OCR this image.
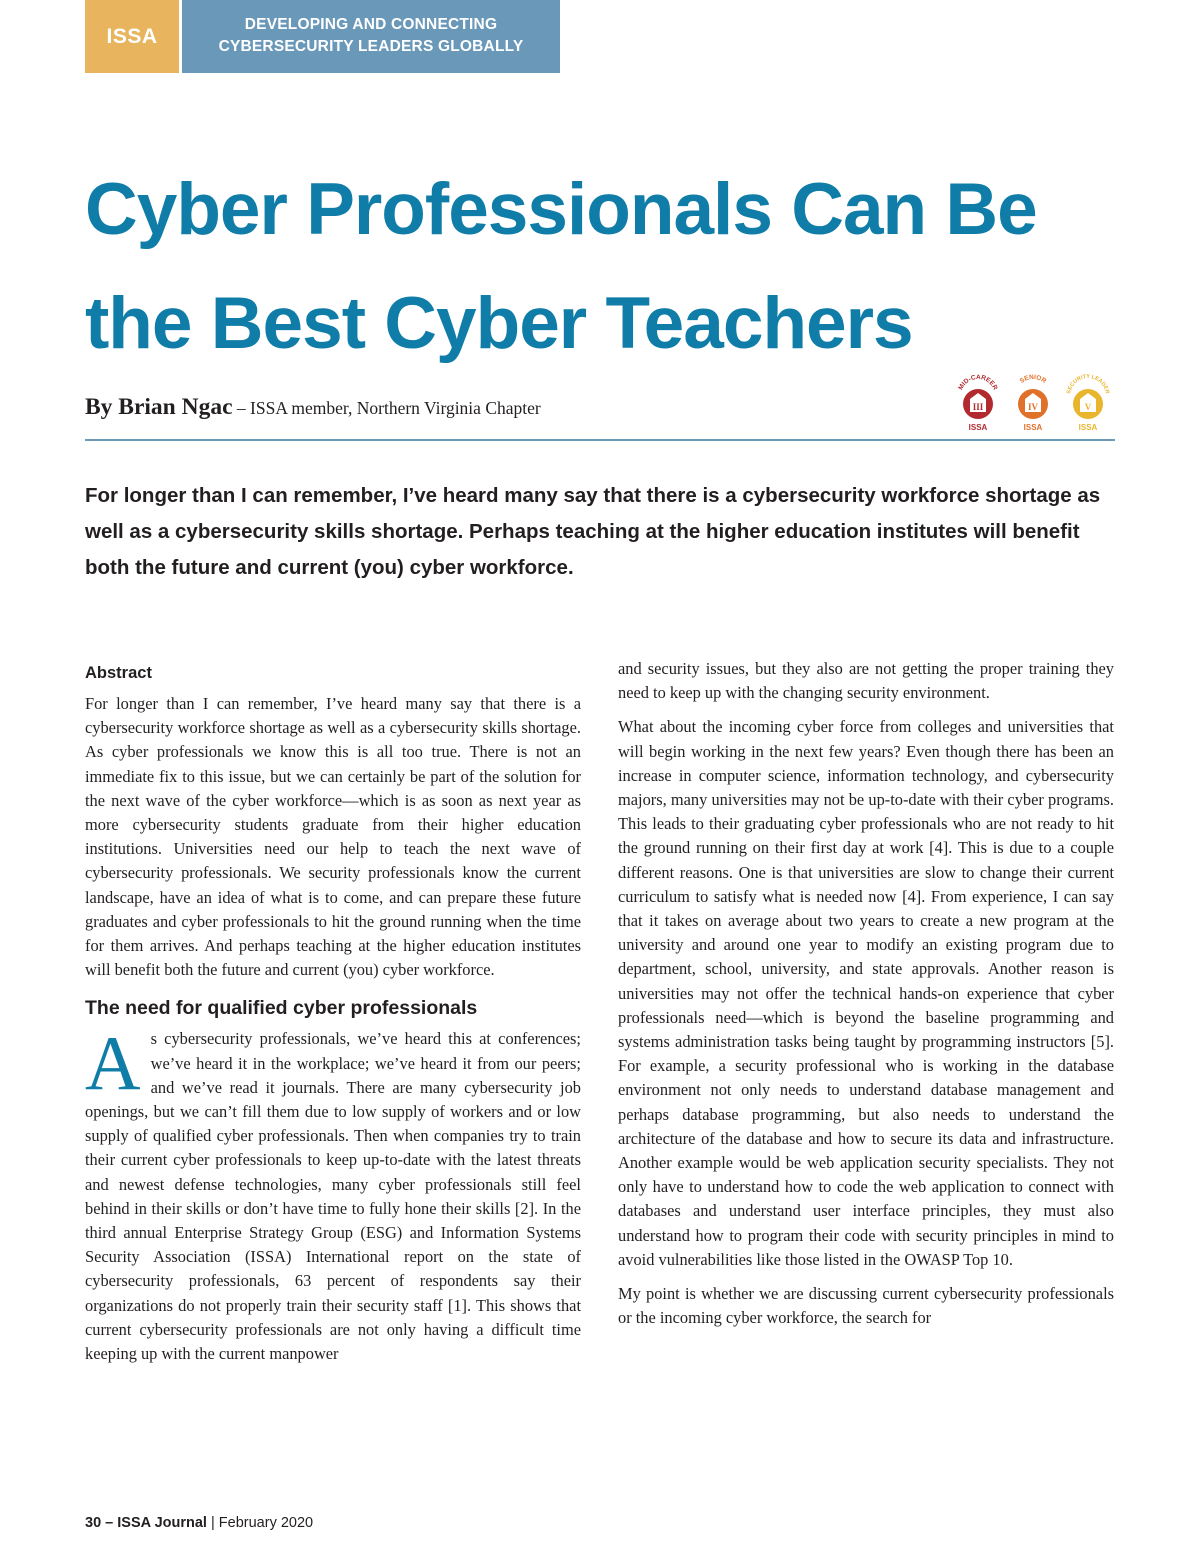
ISSA	DEVELOPING AND CONNECTING
CYBERSECURITY LEADERS GLOBALLY
Cyber Professionals Can Be the Best Cyber Teachers
By Brian Ngac – ISSA member, Northern Virginia Chapter
MID-CAREER
III
ISSA
SENIOR
IV
ISSA
SECURITY LEADER
V
ISSA

For longer than I can remember, I’ve heard many say that there is a cybersecurity workforce shortage as well as a cybersecurity skills shortage. Perhaps teaching at the higher education institutes will benefit both the future and current (you) cyber workforce.

Abstract

For longer than I can remember, I’ve heard many say that there is a cybersecurity workforce shortage as well as a cybersecurity skills shortage. As cyber professionals we know this is all too true. There is not an immediate fix to this issue, but we can certainly be part of the solution for the next wave of the cyber workforce—which is as soon as next year as more cybersecurity students graduate from their higher education institutions. Universities need our help to teach the next wave of cybersecurity professionals. We security professionals know the current landscape, have an idea of what is to come, and can prepare these future graduates and cyber professionals to hit the ground running when the time for them arrives. And perhaps teaching at the higher education institutes will benefit both the future and current (you) cyber workforce.

The need for qualified cyber professionals

As cybersecurity professionals, we’ve heard this at conferences; we’ve heard it in the workplace; we’ve heard it from our peers; and we’ve read it journals. There are many cybersecurity job openings, but we can’t fill them due to low supply of workers and or low supply of qualified cyber professionals. Then when companies try to train their current cyber professionals to keep up-to-date with the latest threats and newest defense technologies, many cyber professionals still feel behind in their skills or don’t have time to fully hone their skills [2]. In the third annual Enterprise Strategy Group (ESG) and Information Systems Security Association (ISSA) International report on the state of cybersecurity professionals, 63 percent of respondents say their organizations do not properly train their security staff [1]. This shows that current cybersecurity professionals are not only having a difficult time keeping up with the current manpower

and security issues, but they also are not getting the proper training they need to keep up with the changing security environment.

What about the incoming cyber force from colleges and universities that will begin working in the next few years? Even though there has been an increase in computer science, information technology, and cybersecurity majors, many universities may not be up-to-date with their cyber programs. This leads to their graduating cyber professionals who are not ready to hit the ground running on their first day at work [4]. This is due to a couple different reasons. One is that universities are slow to change their current curriculum to satisfy what is needed now [4]. From experience, I can say that it takes on average about two years to create a new program at the university and around one year to modify an existing program due to department, school, university, and state approvals. Another reason is universities may not offer the technical hands-on experience that cyber professionals need—which is beyond the baseline programming and systems administration tasks being taught by programming instructors [5]. For example, a security professional who is working in the database environment not only needs to understand database management and perhaps database programming, but also needs to understand the architecture of the database and how to secure its data and infrastructure. Another example would be web application security specialists. They not only have to understand how to code the web application to connect with databases and understand user interface principles, they must also understand how to program their code with security principles in mind to avoid vulnerabilities like those listed in the OWASP Top 10.

My point is whether we are discussing current cybersecurity professionals or the incoming cyber workforce, the search for

30 – ISSA Journal | February 2020
